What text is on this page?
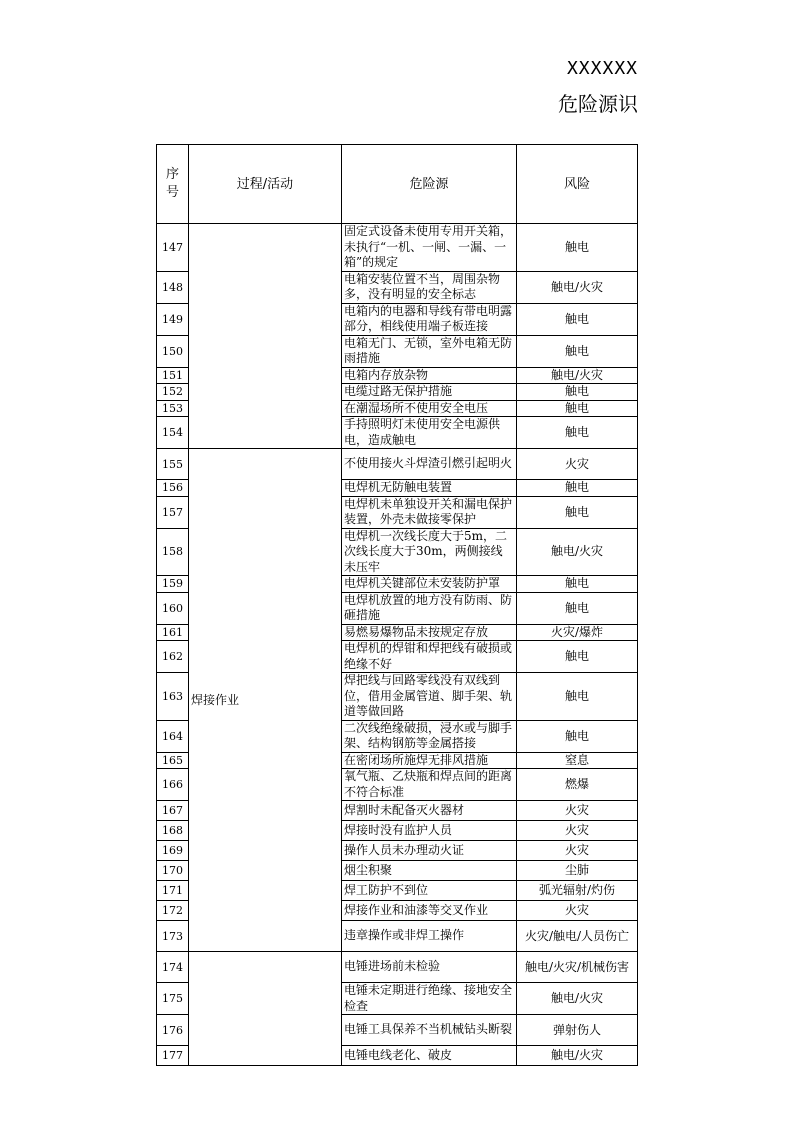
XXXXXX
危险源识
序
号	过程/活动	危险源	风险
147		固定式设备未使用专用开关箱，未执行“一机、一闸、一漏、一箱”的规定	触电
148		电箱安装位置不当，周围杂物多，没有明显的安全标志	触电/火灾
149		电箱内的电器和导线有带电明露部分，相线使用端子板连接	触电
150		电箱无门、无锁，室外电箱无防雨措施	触电
151		电箱内存放杂物	触电/火灾
152		电缆过路无保护措施	触电
153		在潮湿场所不使用安全电压	触电
154		手持照明灯未使用安全电源供电，造成触电	触电
155	焊接作业	不使用接火斗焊渣引燃引起明火	火灾
156		电焊机无防触电装置	触电
157		电焊机未单独设开关和漏电保护装置，外壳未做接零保护	触电
158		电焊机一次线长度大于5m，二次线长度大于30m，两侧接线未压牢	触电/火灾
159		电焊机关键部位未安装防护罩	触电
160		电焊机放置的地方没有防雨、防砸措施	触电
161		易燃易爆物品未按规定存放	火灾/爆炸
162		电焊机的焊钳和焊把线有破损或绝缘不好	触电
163		焊把线与回路零线没有双线到位，借用金属管道、脚手架、轨道等做回路	触电
164		二次线绝缘破损，浸水或与脚手架、结构钢筋等金属搭接	触电
165		在密闭场所施焊无排风措施	窒息
166		氧气瓶、乙炔瓶和焊点间的距离不符合标准	燃爆
167		焊割时未配备灭火器材	火灾
168		焊接时没有监护人员	火灾
169		操作人员未办理动火证	火灾
170		烟尘积聚	尘肺
171		焊工防护不到位	弧光辐射/灼伤
172		焊接作业和油漆等交叉作业	火灾
173		违章操作或非焊工操作	火灾/触电/人员伤亡
174		电锤进场前未检验	触电/火灾/机械伤害
175		电锤未定期进行绝缘、接地安全检查	触电/火灾
176		电锤工具保养不当机械钻头断裂	弹射伤人
177		电锤电线老化、破皮	触电/火灾
